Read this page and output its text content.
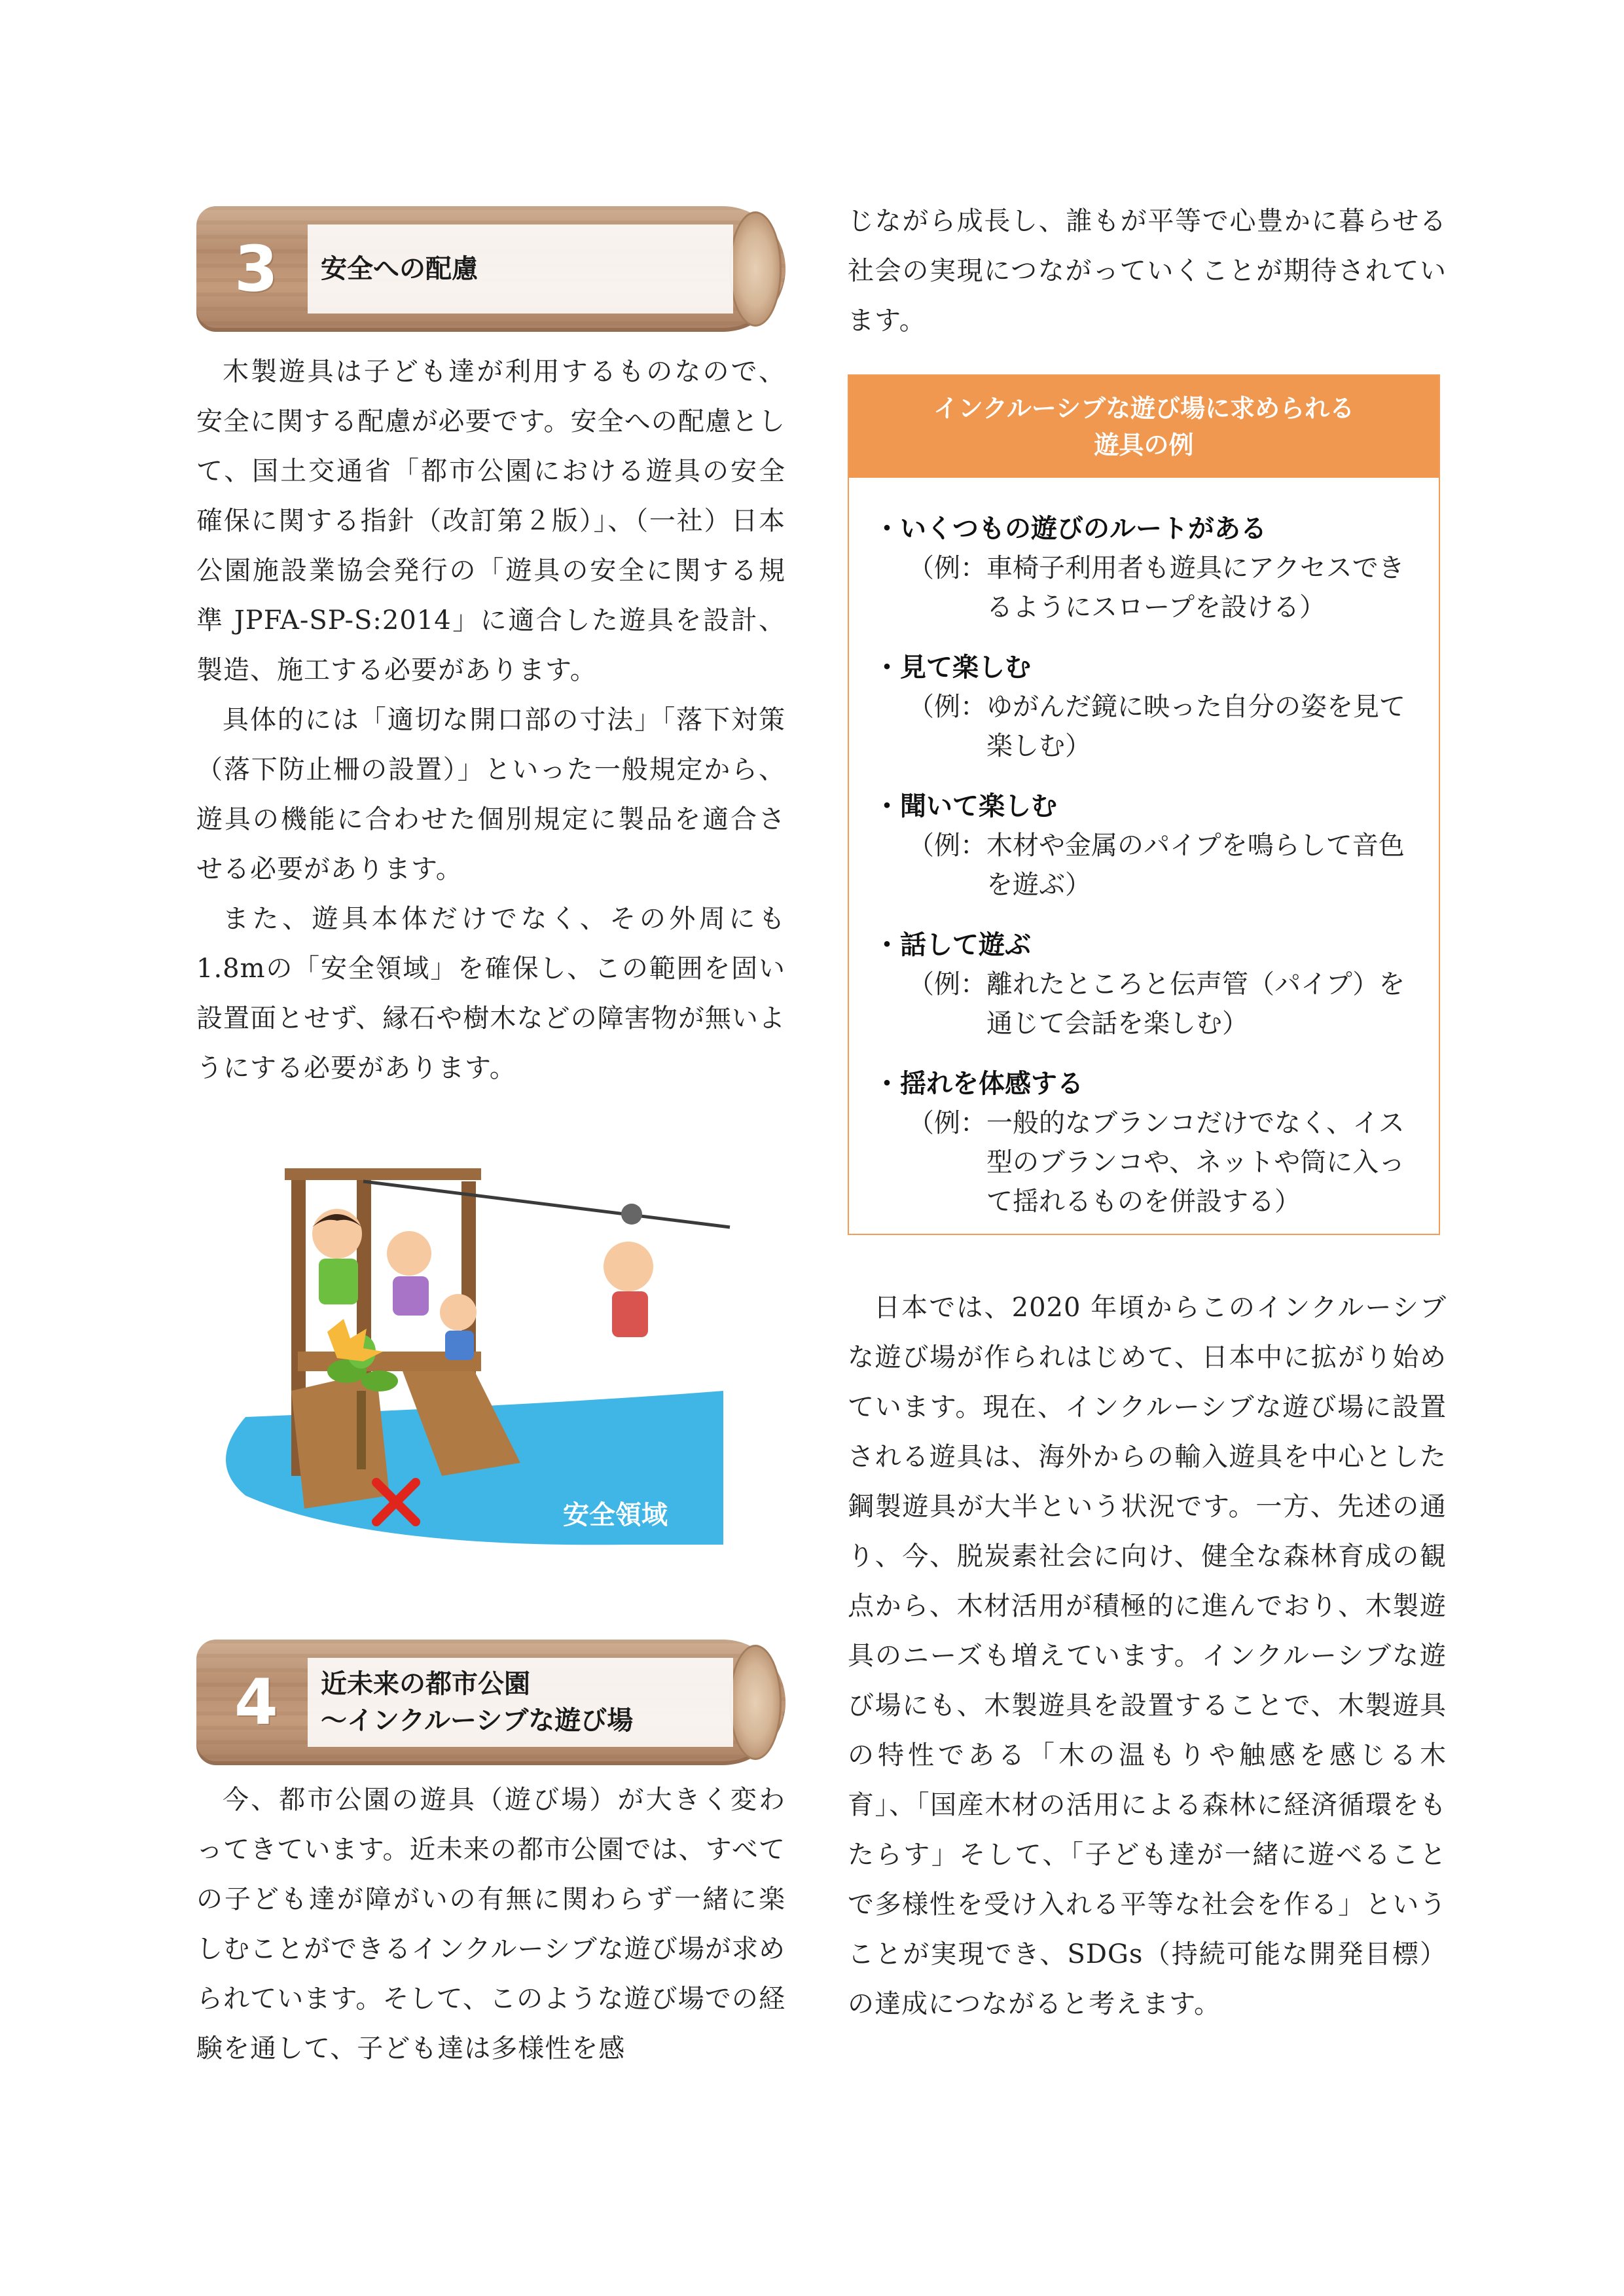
3 安全への配慮

木製遊具は子ども達が利用するものなので、安全に関する配慮が必要です。安全への配慮として、国土交通省「都市公園における遊具の安全確保に関する指針（改訂第２版）」、（一社）日本公園施設業協会発行の「遊具の安全に関する規準 JPFA-SP-S:2014」に適合した遊具を設計、製造、施工する必要があります。

具体的には「適切な開口部の寸法」「落下対策（落下防止柵の設置）」といった一般規定から、遊具の機能に合わせた個別規定に製品を適合させる必要があります。

また、遊具本体だけでなく、その外周にも1.8mの「安全領域」を確保し、この範囲を固い設置面とせず、縁石や樹木などの障害物が無いようにする必要があります。

安全領域
4 近未来の都市公園
～インクルーシブな遊び場

今、都市公園の遊具（遊び場）が大きく変わってきています。近未来の都市公園では、すべての子ども達が障がいの有無に関わらず一緒に楽しむことができるインクルーシブな遊び場が求められています。そして、このような遊び場での経験を通して、子ども達は多様性を感

じながら成長し、誰もが平等で心豊かに暮らせる社会の実現につながっていくことが期待されています。

インクルーシブな遊び場に求められる
遊具の例
・ いくつもの遊びのルートがある
（例： 車椅子利用者も遊具にアクセスできるようにスロープを設ける）
・ 見て楽しむ
（例： ゆがんだ鏡に映った自分の姿を見て楽しむ）
・ 聞いて楽しむ
（例： 木材や金属のパイプを鳴らして音色を遊ぶ）
・ 話して遊ぶ
（例： 離れたところと伝声管（パイプ）を通じて会話を楽しむ）
・ 揺れを体感する
（例： 一般的なブランコだけでなく、イス型のブランコや、ネットや筒に入って揺れるものを併設する）

日本では、2020 年頃からこのインクルーシブな遊び場が作られはじめて、日本中に拡がり始めています。現在、インクルーシブな遊び場に設置される遊具は、海外からの輸入遊具を中心とした鋼製遊具が大半という状況です。一方、先述の通り、今、脱炭素社会に向け、健全な森林育成の観点から、木材活用が積極的に進んでおり、木製遊具のニーズも増えています。インクルーシブな遊び場にも、木製遊具を設置することで、木製遊具の特性である「木の温もりや触感を感じる木育」、「国産木材の活用による森林に経済循環をもたらす」そして、「子ども達が一緒に遊べることで多様性を受け入れる平等な社会を作る」ということが実現でき、SDGs（持続可能な開発目標）の達成につながると考えます。
